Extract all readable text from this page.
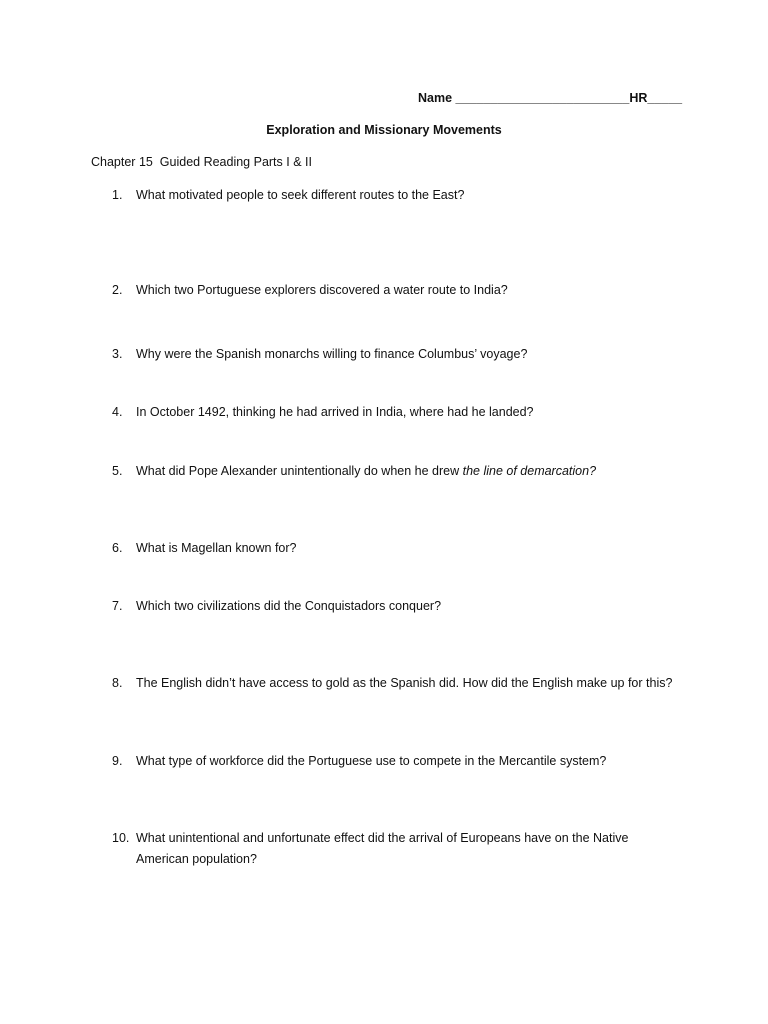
Name _________________________HR_____
Exploration and Missionary Movements
Chapter 15  Guided Reading Parts I & II
1.	What motivated people to seek different routes to the East?
2.	Which two Portuguese explorers discovered a water route to India?
3.	Why were the Spanish monarchs willing to finance Columbus’ voyage?
4.	In October 1492, thinking he had arrived in India, where had he landed?
5.	What did Pope Alexander unintentionally do when he drew the line of demarcation?
6.	What is Magellan known for?
7.	Which two civilizations did the Conquistadors conquer?
8.	The English didn’t have access to gold as the Spanish did. How did the English make up for this?
9.	What type of workforce did the Portuguese use to compete in the Mercantile system?
10. What unintentional and unfortunate effect did the arrival of Europeans have on the Native American population?
